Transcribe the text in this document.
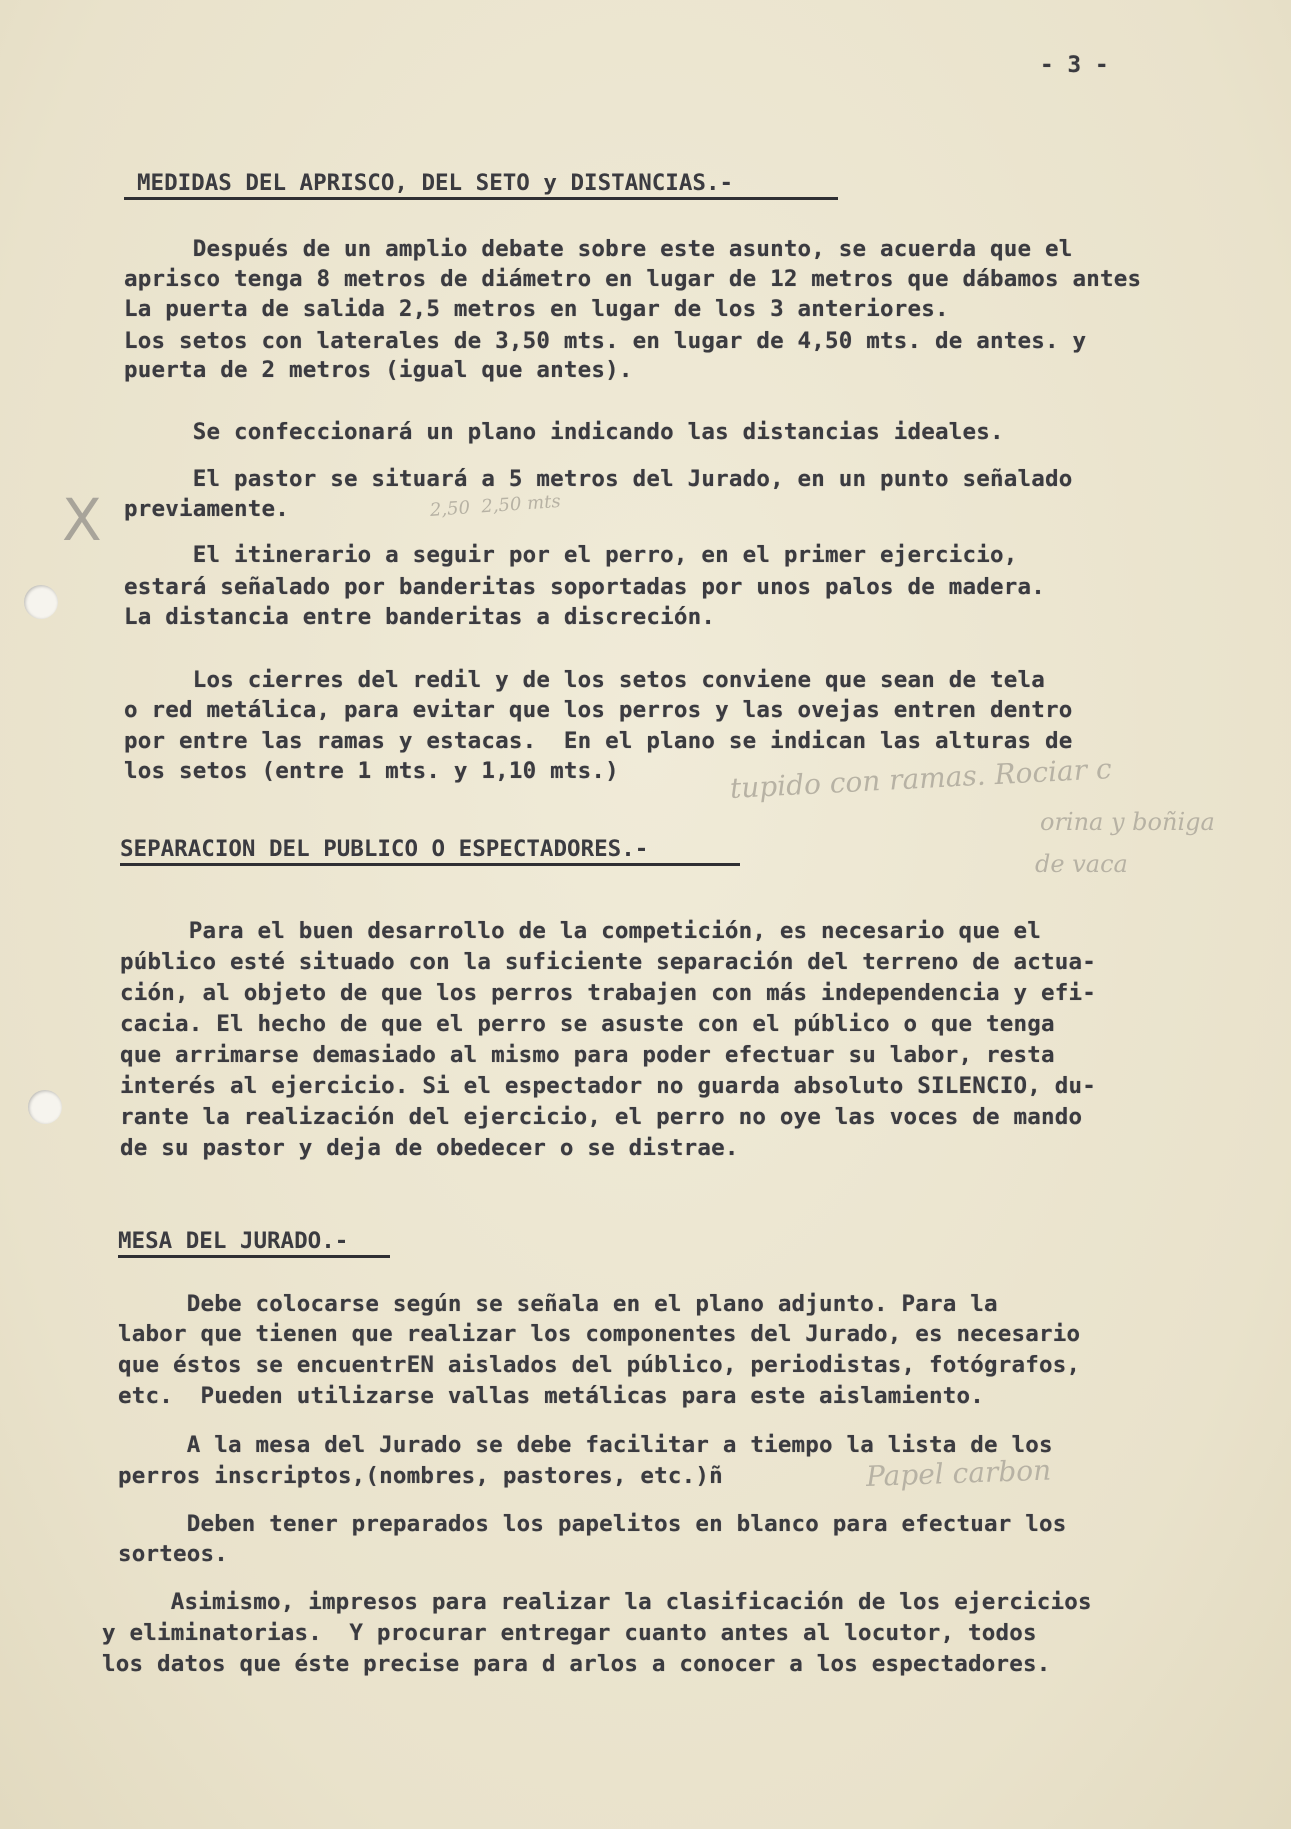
- 3 -
MEDIDAS DEL APRISCO, DEL SETO y DISTANCIAS.-
Después de un amplio debate sobre este asunto, se acuerda que el
aprisco tenga 8 metros de diámetro en lugar de 12 metros que dábamos antes
La puerta de salida 2,5 metros en lugar de los 3 anteriores.
Los setos con laterales de 3,50 mts. en lugar de 4,50 mts. de antes. y
puerta de 2 metros (igual que antes).
Se confeccionará un plano indicando las distancias ideales.
El pastor se situará a 5 metros del Jurado, en un punto señalado
previamente.
El itinerario a seguir por el perro, en el primer ejercicio,
estará señalado por banderitas soportadas por unos palos de madera.
La distancia entre banderitas a discreción.
Los cierres del redil y de los setos conviene que sean de tela
o red metálica, para evitar que los perros y las ovejas entren dentro
por entre las ramas y estacas.  En el plano se indican las alturas de
los setos (entre 1 mts. y 1,10 mts.)
SEPARACION DEL PUBLICO O ESPECTADORES.-
Para el buen desarrollo de la competición, es necesario que el
público esté situado con la suficiente separación del terreno de actua-
ción, al objeto de que los perros trabajen con más independencia y efi-
cacia. El hecho de que el perro se asuste con el público o que tenga
que arrimarse demasiado al mismo para poder efectuar su labor, resta
interés al ejercicio. Si el espectador no guarda absoluto SILENCIO, du-
rante la realización del ejercicio, el perro no oye las voces de mando
de su pastor y deja de obedecer o se distrae.
MESA DEL JURADO.-
Debe colocarse según se señala en el plano adjunto. Para la
labor que tienen que realizar los componentes del Jurado, es necesario
que éstos se encuentrEN aislados del público, periodistas, fotógrafos,
etc.  Pueden utilizarse vallas metálicas para este aislamiento.
A la mesa del Jurado se debe facilitar a tiempo la lista de los
perros inscriptos,(nombres, pastores, etc.)ñ
Deben tener preparados los papelitos en blanco para efectuar los
sorteos.
Asimismo, impresos para realizar la clasificación de los ejercicios
y eliminatorias.  Y procurar entregar cuanto antes al locutor, todos
los datos que éste precise para d arlos a conocer a los espectadores.
X	2,50  2,50 mts
tupido con ramas. Rociar c
orina y boñiga
de vaca
Papel carbon
